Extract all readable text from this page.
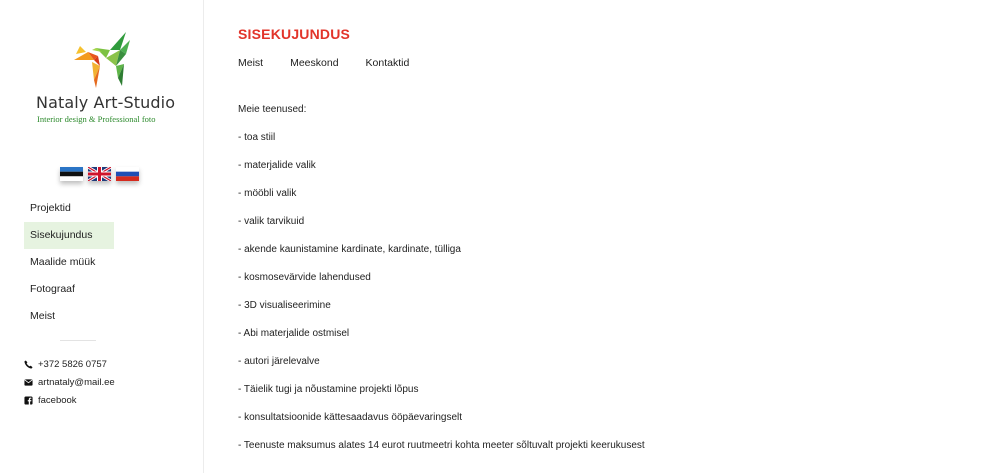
Nataly Art-Studio
Interior design & Professional foto
Projektid
Sisekujundus
Maalide müük
Fotograaf
Meist
+372 5826 0757
artnataly@mail.ee
facebook
SISEKUJUNDUS
Meist	Meeskond	Kontaktid

Meie teenused:

- toa stiil
- materjalide valik
- mööbli valik
- valik tarvikuid
- akende kaunistamine kardinate, kardinate, tülliga
- kosmosevärvide lahendused
- 3D visualiseerimine
- Abi materjalide ostmisel
- autori järelevalve
- Täielik tugi ja nõustamine projekti lõpus
- konsultatsioonide kättesaadavus ööpäevaringselt
- Teenuste maksumus alates 14 eurot ruutmeetri kohta meeter sõltuvalt projekti keerukusest
